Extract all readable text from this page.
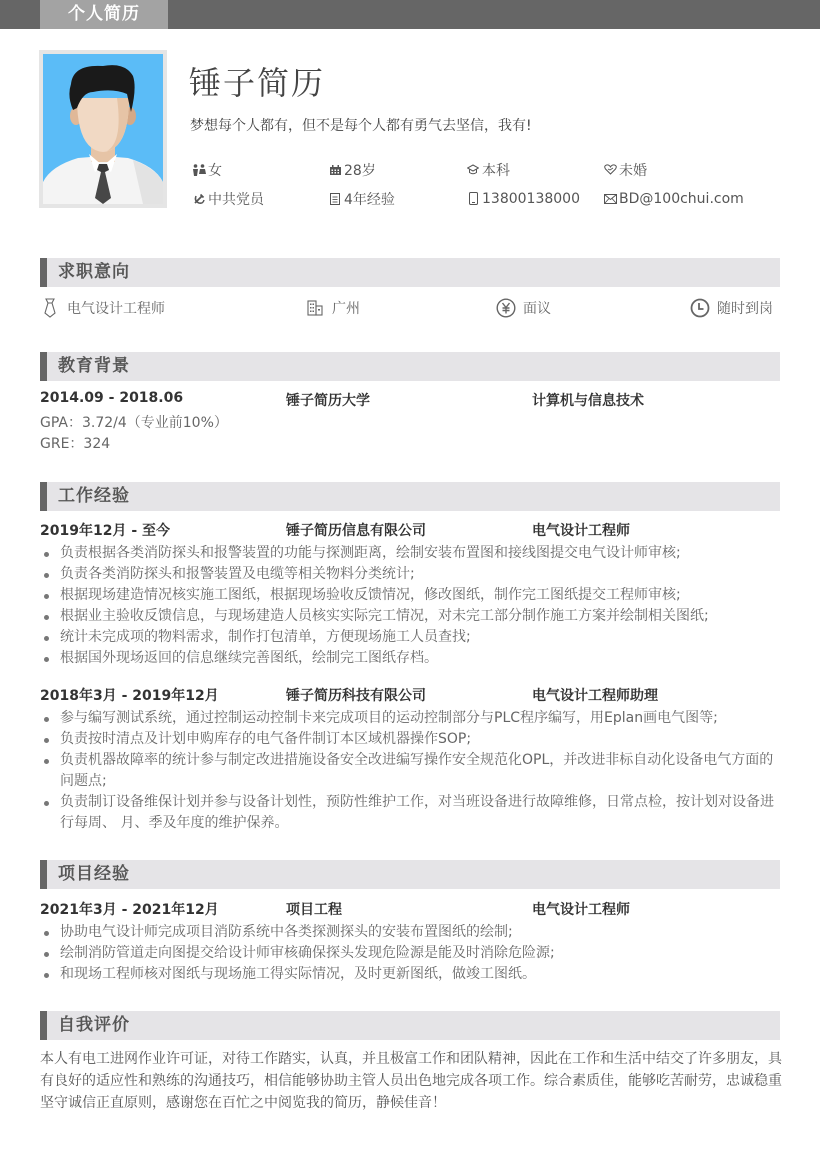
个人简历
锤子简历
梦想每个人都有，但不是每个人都有勇气去坚信，我有!
女	28岁	本科	未婚
中共党员	4年经验	13800138000	BD@100chui.com
求职意向
电气设计工程师	广州	面议	随时到岗
教育背景
2014.09 - 2018.06	锤子简历大学	计算机与信息技术
GPA：3.72/4（专业前10%）
GRE：324
工作经验
2019年12月 - 至今	锤子简历信息有限公司	电气设计工程师
负责根据各类消防探头和报警装置的功能与探测距离，绘制安装布置图和接线图提交电气设计师审核;
负责各类消防探头和报警装置及电缆等相关物料分类统计;
根据现场建造情况核实施工图纸，根据现场验收反馈情况，修改图纸，制作完工图纸提交工程师审核;
根据业主验收反馈信息，与现场建造人员核实实际完工情况，对未完工部分制作施工方案并绘制相关图纸;
统计未完成项的物料需求，制作打包清单，方便现场施工人员查找;
根据国外现场返回的信息继续完善图纸，绘制完工图纸存档。
2018年3月 - 2019年12月	锤子简历科技有限公司	电气设计工程师助理
参与编写测试系统，通过控制运动控制卡来完成项目的运动控制部分与PLC程序编写，用Eplan画电气图等;
负责按时清点及计划申购库存的电气备件制订本区域机器操作SOP;
负责机器故障率的统计参与制定改进措施设备安全改进编写操作安全规范化OPL，并改进非标自动化设备电气方面的问题点;
负责制订设备维保计划并参与设备计划性，预防性维护工作，对当班设备进行故障维修，日常点检，按计划对设备进行每周、 月、季及年度的维护保养。
项目经验
2021年3月 - 2021年12月	项目工程	电气设计工程师
协助电气设计师完成项目消防系统中各类探测探头的安装布置图纸的绘制;
绘制消防管道走向图提交给设计师审核确保探头发现危险源是能及时消除危险源;
和现场工程师核对图纸与现场施工得实际情况，及时更新图纸，做竣工图纸。
自我评价
本人有电工进网作业许可证，对待工作踏实，认真，并且极富工作和团队精神，因此在工作和生活中结交了许多朋友，具有良好的适应性和熟练的沟通技巧，相信能够协助主管人员出色地完成各项工作。综合素质佳，能够吃苦耐劳，忠诚稳重坚守诚信正直原则，感谢您在百忙之中阅览我的简历，静候佳音！
